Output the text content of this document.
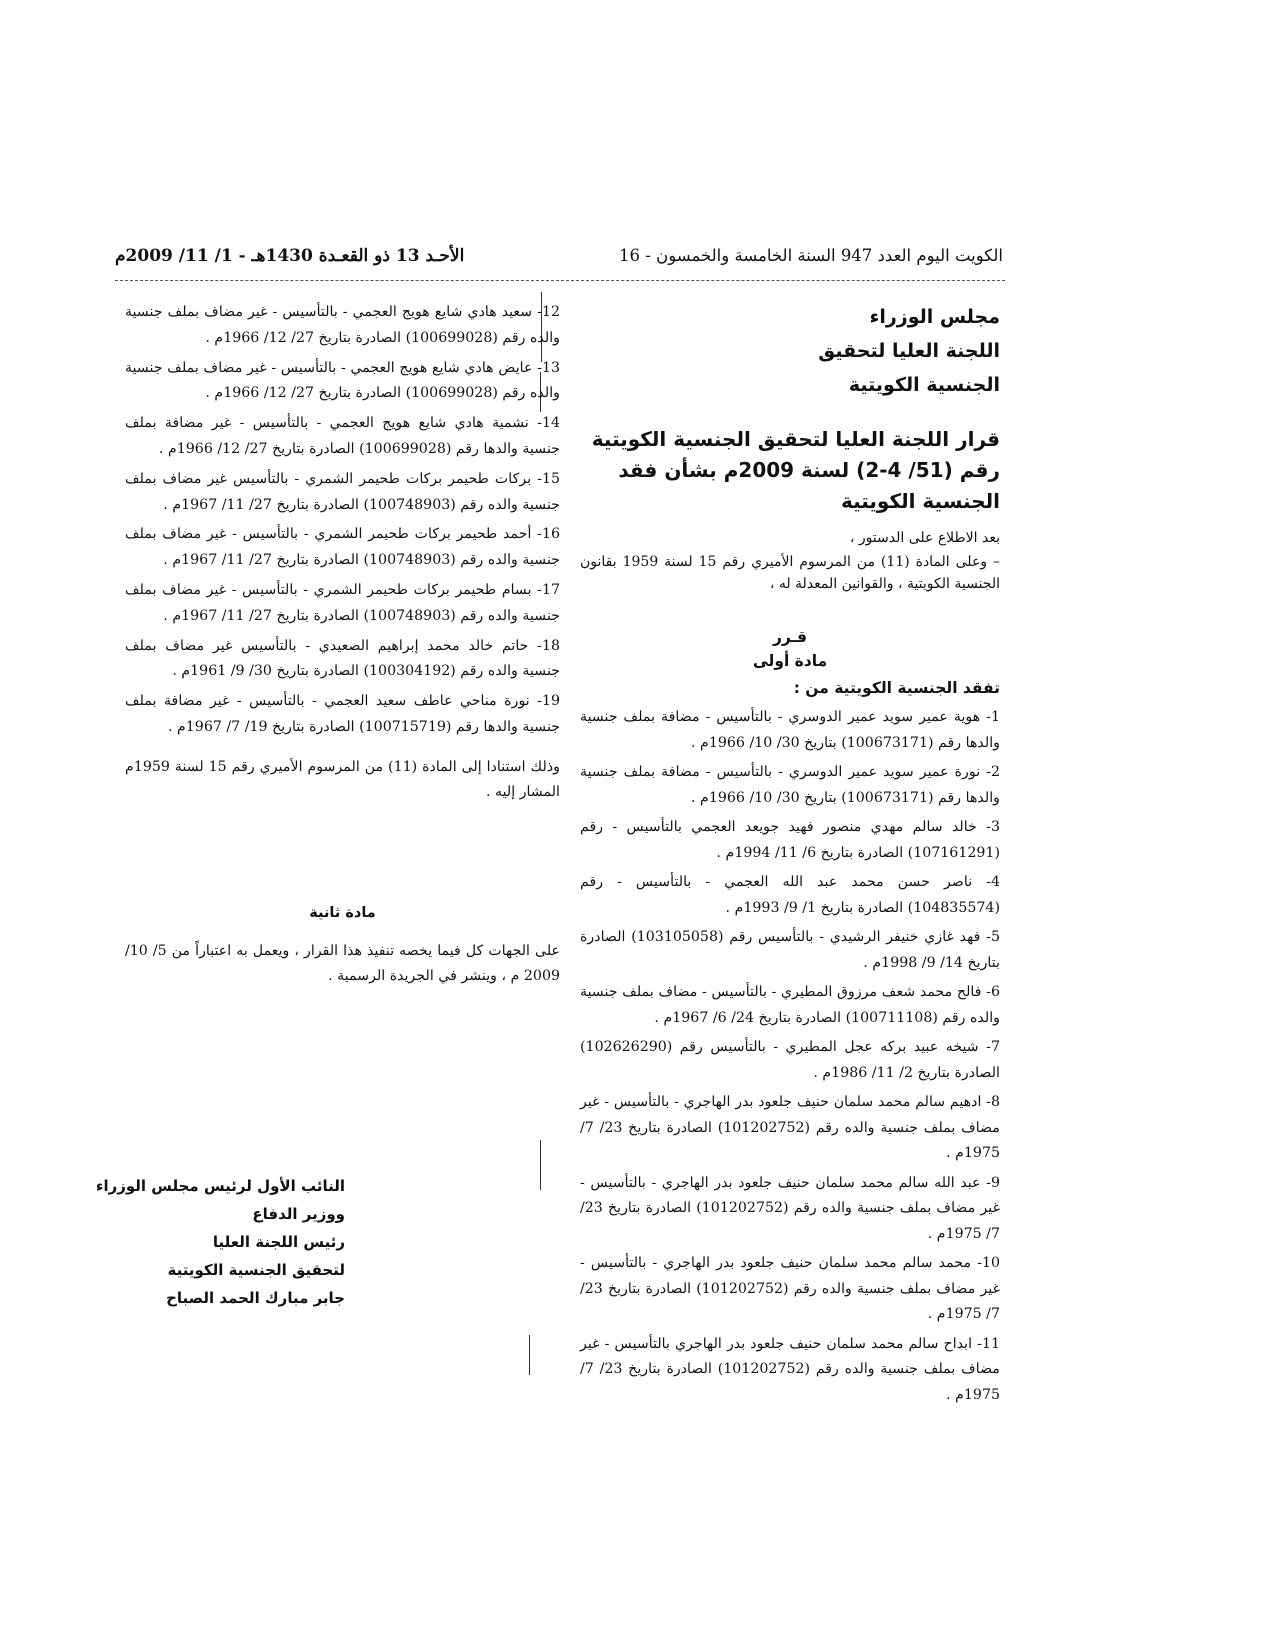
الكويت اليوم العدد 947 السنة الخامسة والخمسون - 16
الأحـد 13 ذو القعـدة 1430هـ - 1/ 11/ 2009م
مجلس الوزراء
اللجنة العليا لتحقيق
الجنسية الكويتية
قرار اللجنة العليا لتحقيق الجنسية الكويتية رقم (51/ 4-2) لسنة 2009م بشأن فقد الجنسية الكويتية

بعد الاطلاع على الدستور ،

– وعلى المادة (11) من المرسوم الأميري رقم 15 لسنة 1959 بقانون الجنسية الكويتية ، والقوانين المعدلة له ،

قـرر
مادة أولى
تفقد الجنسية الكويتية من :

1- هوية عمير سويد عمير الدوسري - بالتأسيس - مضافة بملف جنسية والدها رقم (100673171) بتاريخ 30/ 10/ 1966م .

2- نورة عمير سويد عمير الدوسري - بالتأسيس - مضافة بملف جنسية والدها رقم (100673171) بتاريخ 30/ 10/ 1966م .

3- خالد سالم مهدي منصور فهيد جويعد العجمي بالتأسيس - رقم (107161291) الصادرة بتاريخ 6/ 11/ 1994م .

4- ناصر حسن محمد عبد الله العجمي - بالتأسيس - رقم (104835574) الصادرة بتاريخ 1/ 9/ 1993م .

5- فهد غازي خنيفر الرشيدي - بالتأسيس رقم (103105058) الصادرة بتاريخ 14/ 9/ 1998م .

6- فالح محمد شعف مرزوق المطيري - بالتأسيس - مضاف بملف جنسية والده رقم (100711108) الصادرة بتاريخ 24/ 6/ 1967م .

7- شيخه عبيد بركه عجل المطيري - بالتأسيس رقم (102626290) الصادرة بتاريخ 2/ 11/ 1986م .

8- ادهيم سالم محمد سلمان حنيف جلعود بدر الهاجري - بالتأسيس - غير مضاف بملف جنسية والده رقم (101202752) الصادرة بتاريخ 23/ 7/ 1975م .

9- عبد الله سالم محمد سلمان حنيف جلعود بدر الهاجري - بالتأسيس - غير مضاف بملف جنسية والده رقم (101202752) الصادرة بتاريخ 23/ 7/ 1975م .

10- محمد سالم محمد سلمان حنيف جلعود بدر الهاجري - بالتأسيس - غير مضاف بملف جنسية والده رقم (101202752) الصادرة بتاريخ 23/ 7/ 1975م .

11- ابداح سالم محمد سلمان حنيف جلعود بدر الهاجري بالتأسيس - غير مضاف بملف جنسية والده رقم (101202752) الصادرة بتاريخ 23/ 7/ 1975م .

12- سعيد هادي شايع هويج العجمي - بالتأسيس - غير مضاف بملف جنسية والده رقم (100699028) الصادرة بتاريخ 27/ 12/ 1966م .

13- عايض هادي شايع هويج العجمي - بالتأسيس - غير مضاف بملف جنسية والده رقم (100699028) الصادرة بتاريخ 27/ 12/ 1966م .

14- نشمية هادي شايع هويج العجمي - بالتأسيس - غير مضافة بملف جنسية والدها رقم (100699028) الصادرة بتاريخ 27/ 12/ 1966م .

15- بركات طحيمر بركات طحيمر الشمري - بالتأسيس غير مضاف بملف جنسية والده رقم (100748903) الصادرة بتاريخ 27/ 11/ 1967م .

16- أحمد طحيمر بركات طحيمر الشمري - بالتأسيس - غير مضاف بملف جنسية والده رقم (100748903) الصادرة بتاريخ 27/ 11/ 1967م .

17- بسام طحيمر بركات طحيمر الشمري - بالتأسيس - غير مضاف بملف جنسية والده رقم (100748903) الصادرة بتاريخ 27/ 11/ 1967م .

18- حاتم خالد محمد إبراهيم الصعيدي - بالتأسيس غير مضاف بملف جنسية والده رقم (100304192) الصادرة بتاريخ 30/ 9/ 1961م .

19- نورة مناحي عاطف سعيد العجمي - بالتأسيس - غير مضافة بملف جنسية والدها رقم (100715719) الصادرة بتاريخ 19/ 7/ 1967م .

وذلك استنادا إلى المادة (11) من المرسوم الأميري رقم 15 لسنة 1959م المشار إليه .

مادة ثانية

على الجهات كل فيما يخصه تنفيذ هذا القرار ، ويعمل به اعتباراً من 5/ 10/ 2009 م ، وينشر في الجريدة الرسمية .

النائب الأول لرئيس مجلس الوزراء
ووزير الدفاع
رئيس اللجنة العليا
لتحقيق الجنسية الكويتية
جابر مبارك الحمد الصباح
